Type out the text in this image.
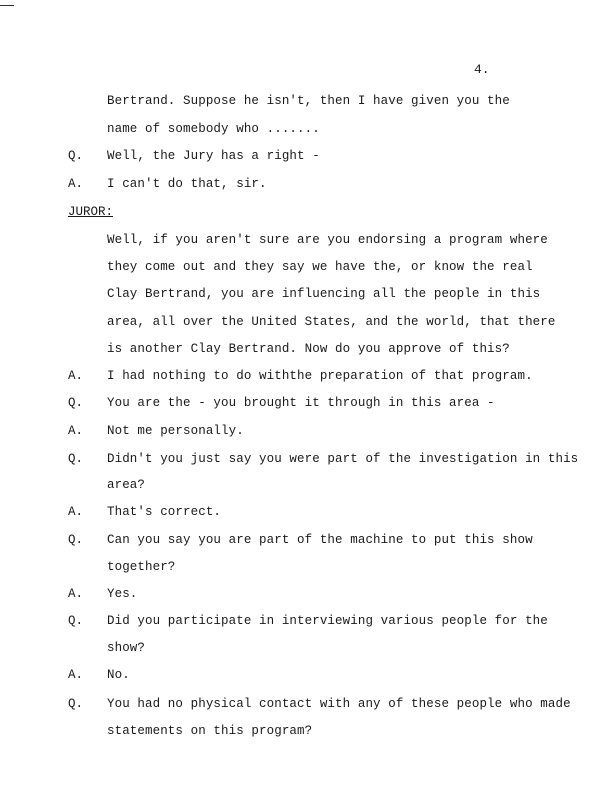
4.
Bertrand. Suppose he isn't, then I have given you the
name of somebody who .......
Q. Well, the Jury has a right -
A. I can't do that, sir.
JUROR:
Well, if you aren't sure are you endorsing a program where
they come out and they say we have the, or know the real
Clay Bertrand, you are influencing all the people in this
area, all over the United States, and the world, that there
is another Clay Bertrand. Now do you approve of this?
A. I had nothing to do withthe preparation of that program.
Q. You are the - you brought it through in this area -
A. Not me personally.
Q. Didn't you just say you were part of the investigation in this
area?
A. That's correct.
Q. Can you say you are part of the machine to put this show
together?
A. Yes.
Q. Did you participate in interviewing various people for the
show?
A. No.
Q. You had no physical contact with any of these people who made
statements on this program?
